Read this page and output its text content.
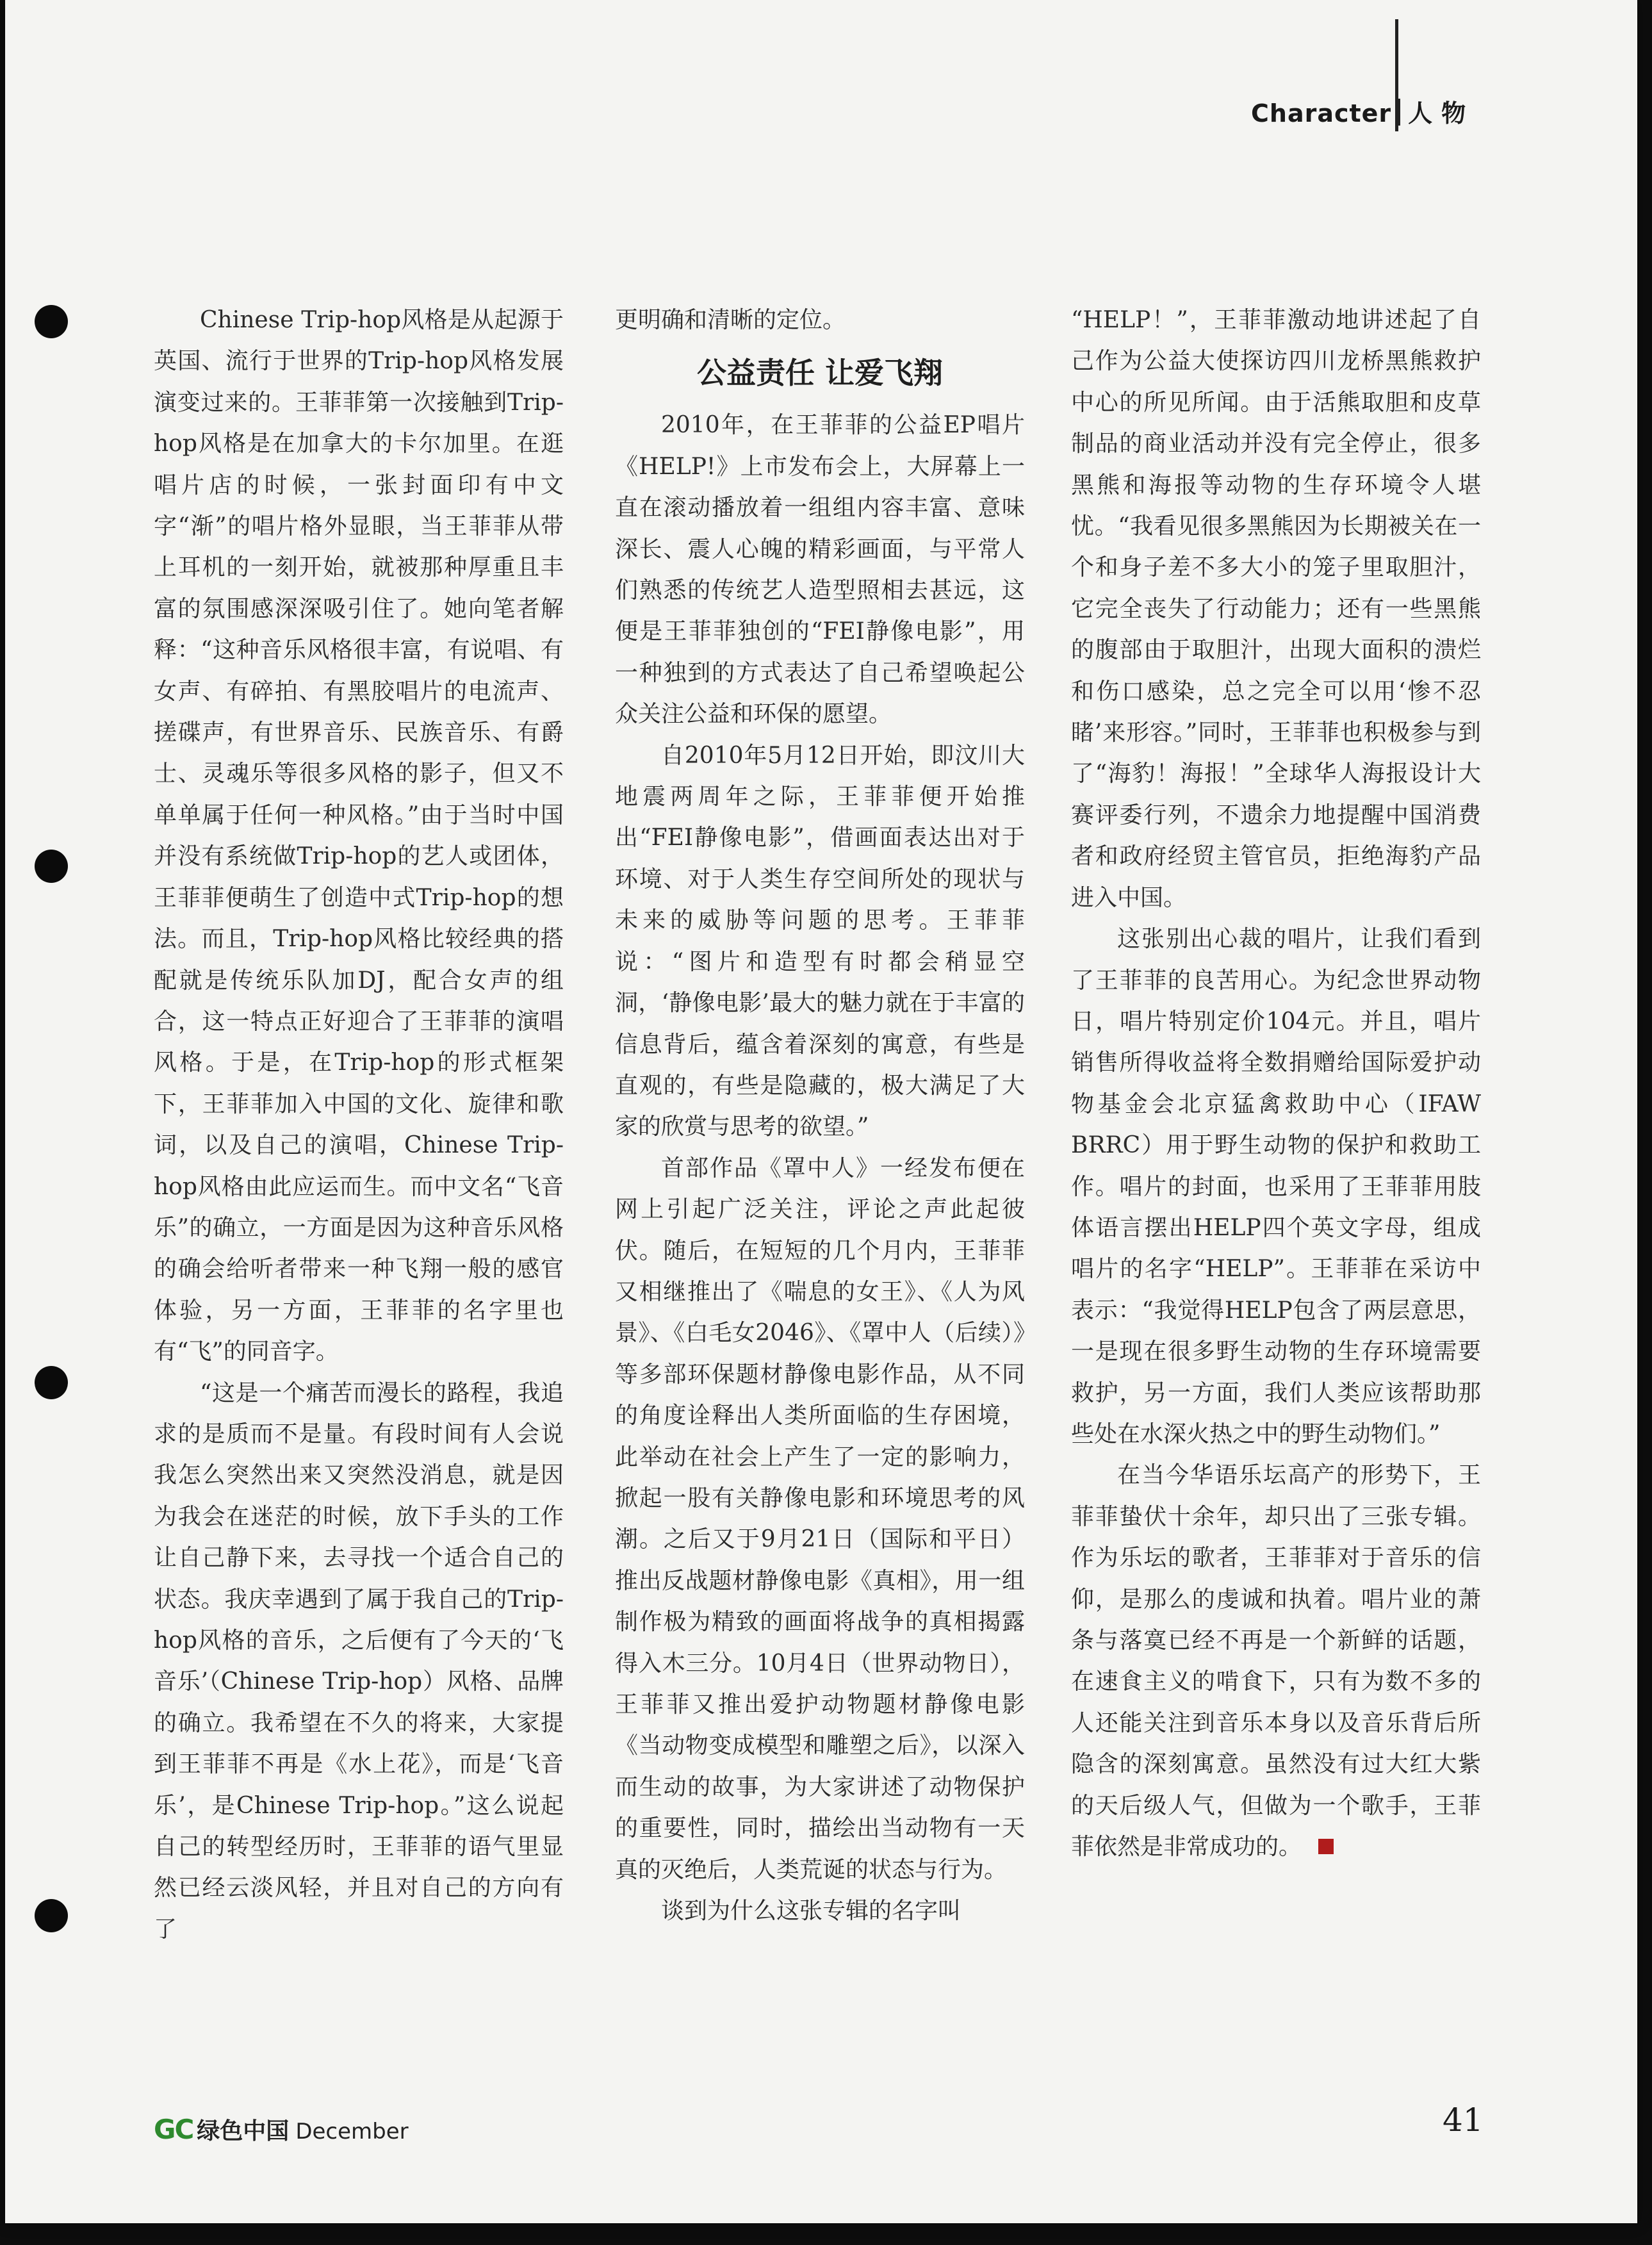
Character 人物

Chinese Trip-hop风格是从起源于英国、流行于世界的Trip-hop风格发展演变过来的。王菲菲第一次接触到Trip-hop风格是在加拿大的卡尔加里。在逛唱片店的时候，一张封面印有中文字“渐”的唱片格外显眼，当王菲菲从带上耳机的一刻开始，就被那种厚重且丰富的氛围感深深吸引住了。她向笔者解释：“这种音乐风格很丰富，有说唱、有女声、有碎拍、有黑胶唱片的电流声、搓碟声，有世界音乐、民族音乐、有爵士、灵魂乐等很多风格的影子，但又不单单属于任何一种风格。”由于当时中国并没有系统做Trip-hop的艺人或团体，王菲菲便萌生了创造中式Trip-hop的想法。而且，Trip-hop风格比较经典的搭配就是传统乐队加DJ，配合女声的组合，这一特点正好迎合了王菲菲的演唱风格。于是，在Trip-hop的形式框架下，王菲菲加入中国的文化、旋律和歌词，以及自己的演唱，Chinese Trip-hop风格由此应运而生。而中文名“飞音乐”的确立，一方面是因为这种音乐风格的确会给听者带来一种飞翔一般的感官体验，另一方面，王菲菲的名字里也有“飞”的同音字。

“这是一个痛苦而漫长的路程，我追求的是质而不是量。有段时间有人会说我怎么突然出来又突然没消息，就是因为我会在迷茫的时候，放下手头的工作让自己静下来，去寻找一个适合自己的状态。我庆幸遇到了属于我自己的Trip-hop风格的音乐，之后便有了今天的‘飞音乐’（Chinese Trip-hop）风格、品牌的确立。我希望在不久的将来，大家提到王菲菲不再是《水上花》，而是‘飞音乐’，是Chinese Trip-hop。”这么说起自己的转型经历时，王菲菲的语气里显然已经云淡风轻，并且对自己的方向有了

更明确和清晰的定位。

公益责任 让爱飞翔

2010年，在王菲菲的公益EP唱片《HELP!》上市发布会上，大屏幕上一直在滚动播放着一组组内容丰富、意味深长、震人心魄的精彩画面，与平常人们熟悉的传统艺人造型照相去甚远，这便是王菲菲独创的“FEI静像电影”，用一种独到的方式表达了自己希望唤起公众关注公益和环保的愿望。

自2010年5月12日开始，即汶川大地震两周年之际，王菲菲便开始推出“FEI静像电影”，借画面表达出对于环境、对于人类生存空间所处的现状与未来的威胁等问题的思考。王菲菲说：“图片和造型有时都会稍显空洞，‘静像电影’最大的魅力就在于丰富的信息背后，蕴含着深刻的寓意，有些是直观的，有些是隐藏的，极大满足了大家的欣赏与思考的欲望。”

首部作品《罩中人》一经发布便在网上引起广泛关注，评论之声此起彼伏。随后，在短短的几个月内，王菲菲又相继推出了《喘息的女王》、《人为风景》、《白毛女2046》、《罩中人（后续）》等多部环保题材静像电影作品，从不同的角度诠释出人类所面临的生存困境，此举动在社会上产生了一定的影响力，掀起一股有关静像电影和环境思考的风潮。之后又于9月21日（国际和平日）推出反战题材静像电影《真相》，用一组制作极为精致的画面将战争的真相揭露得入木三分。10月4日（世界动物日），王菲菲又推出爱护动物题材静像电影《当动物变成模型和雕塑之后》，以深入而生动的故事，为大家讲述了动物保护的重要性，同时，描绘出当动物有一天真的灭绝后，人类荒诞的状态与行为。

谈到为什么这张专辑的名字叫

“HELP！”，王菲菲激动地讲述起了自己作为公益大使探访四川龙桥黑熊救护中心的所见所闻。由于活熊取胆和皮草制品的商业活动并没有完全停止，很多黑熊和海报等动物的生存环境令人堪忧。“我看见很多黑熊因为长期被关在一个和身子差不多大小的笼子里取胆汁，它完全丧失了行动能力；还有一些黑熊的腹部由于取胆汁，出现大面积的溃烂和伤口感染，总之完全可以用‘惨不忍睹’来形容。”同时，王菲菲也积极参与到了“海豹！海报！”全球华人海报设计大赛评委行列，不遗余力地提醒中国消费者和政府经贸主管官员，拒绝海豹产品进入中国。

这张别出心裁的唱片，让我们看到了王菲菲的良苦用心。为纪念世界动物日，唱片特别定价104元。并且，唱片销售所得收益将全数捐赠给国际爱护动物基金会北京猛禽救助中心（IFAW BRRC）用于野生动物的保护和救助工作。唱片的封面，也采用了王菲菲用肢体语言摆出HELP四个英文字母，组成唱片的名字“HELP”。王菲菲在采访中表示：“我觉得HELP包含了两层意思，一是现在很多野生动物的生存环境需要救护，另一方面，我们人类应该帮助那些处在水深火热之中的野生动物们。”

在当今华语乐坛高产的形势下，王菲菲蛰伏十余年，却只出了三张专辑。作为乐坛的歌者，王菲菲对于音乐的信仰，是那么的虔诚和执着。唱片业的萧条与落寞已经不再是一个新鲜的话题，在速食主义的啃食下，只有为数不多的人还能关注到音乐本身以及音乐背后所隐含的深刻寓意。虽然没有过大红大紫的天后级人气，但做为一个歌手，王菲菲依然是非常成功的。

GC 绿色中国 December	41
